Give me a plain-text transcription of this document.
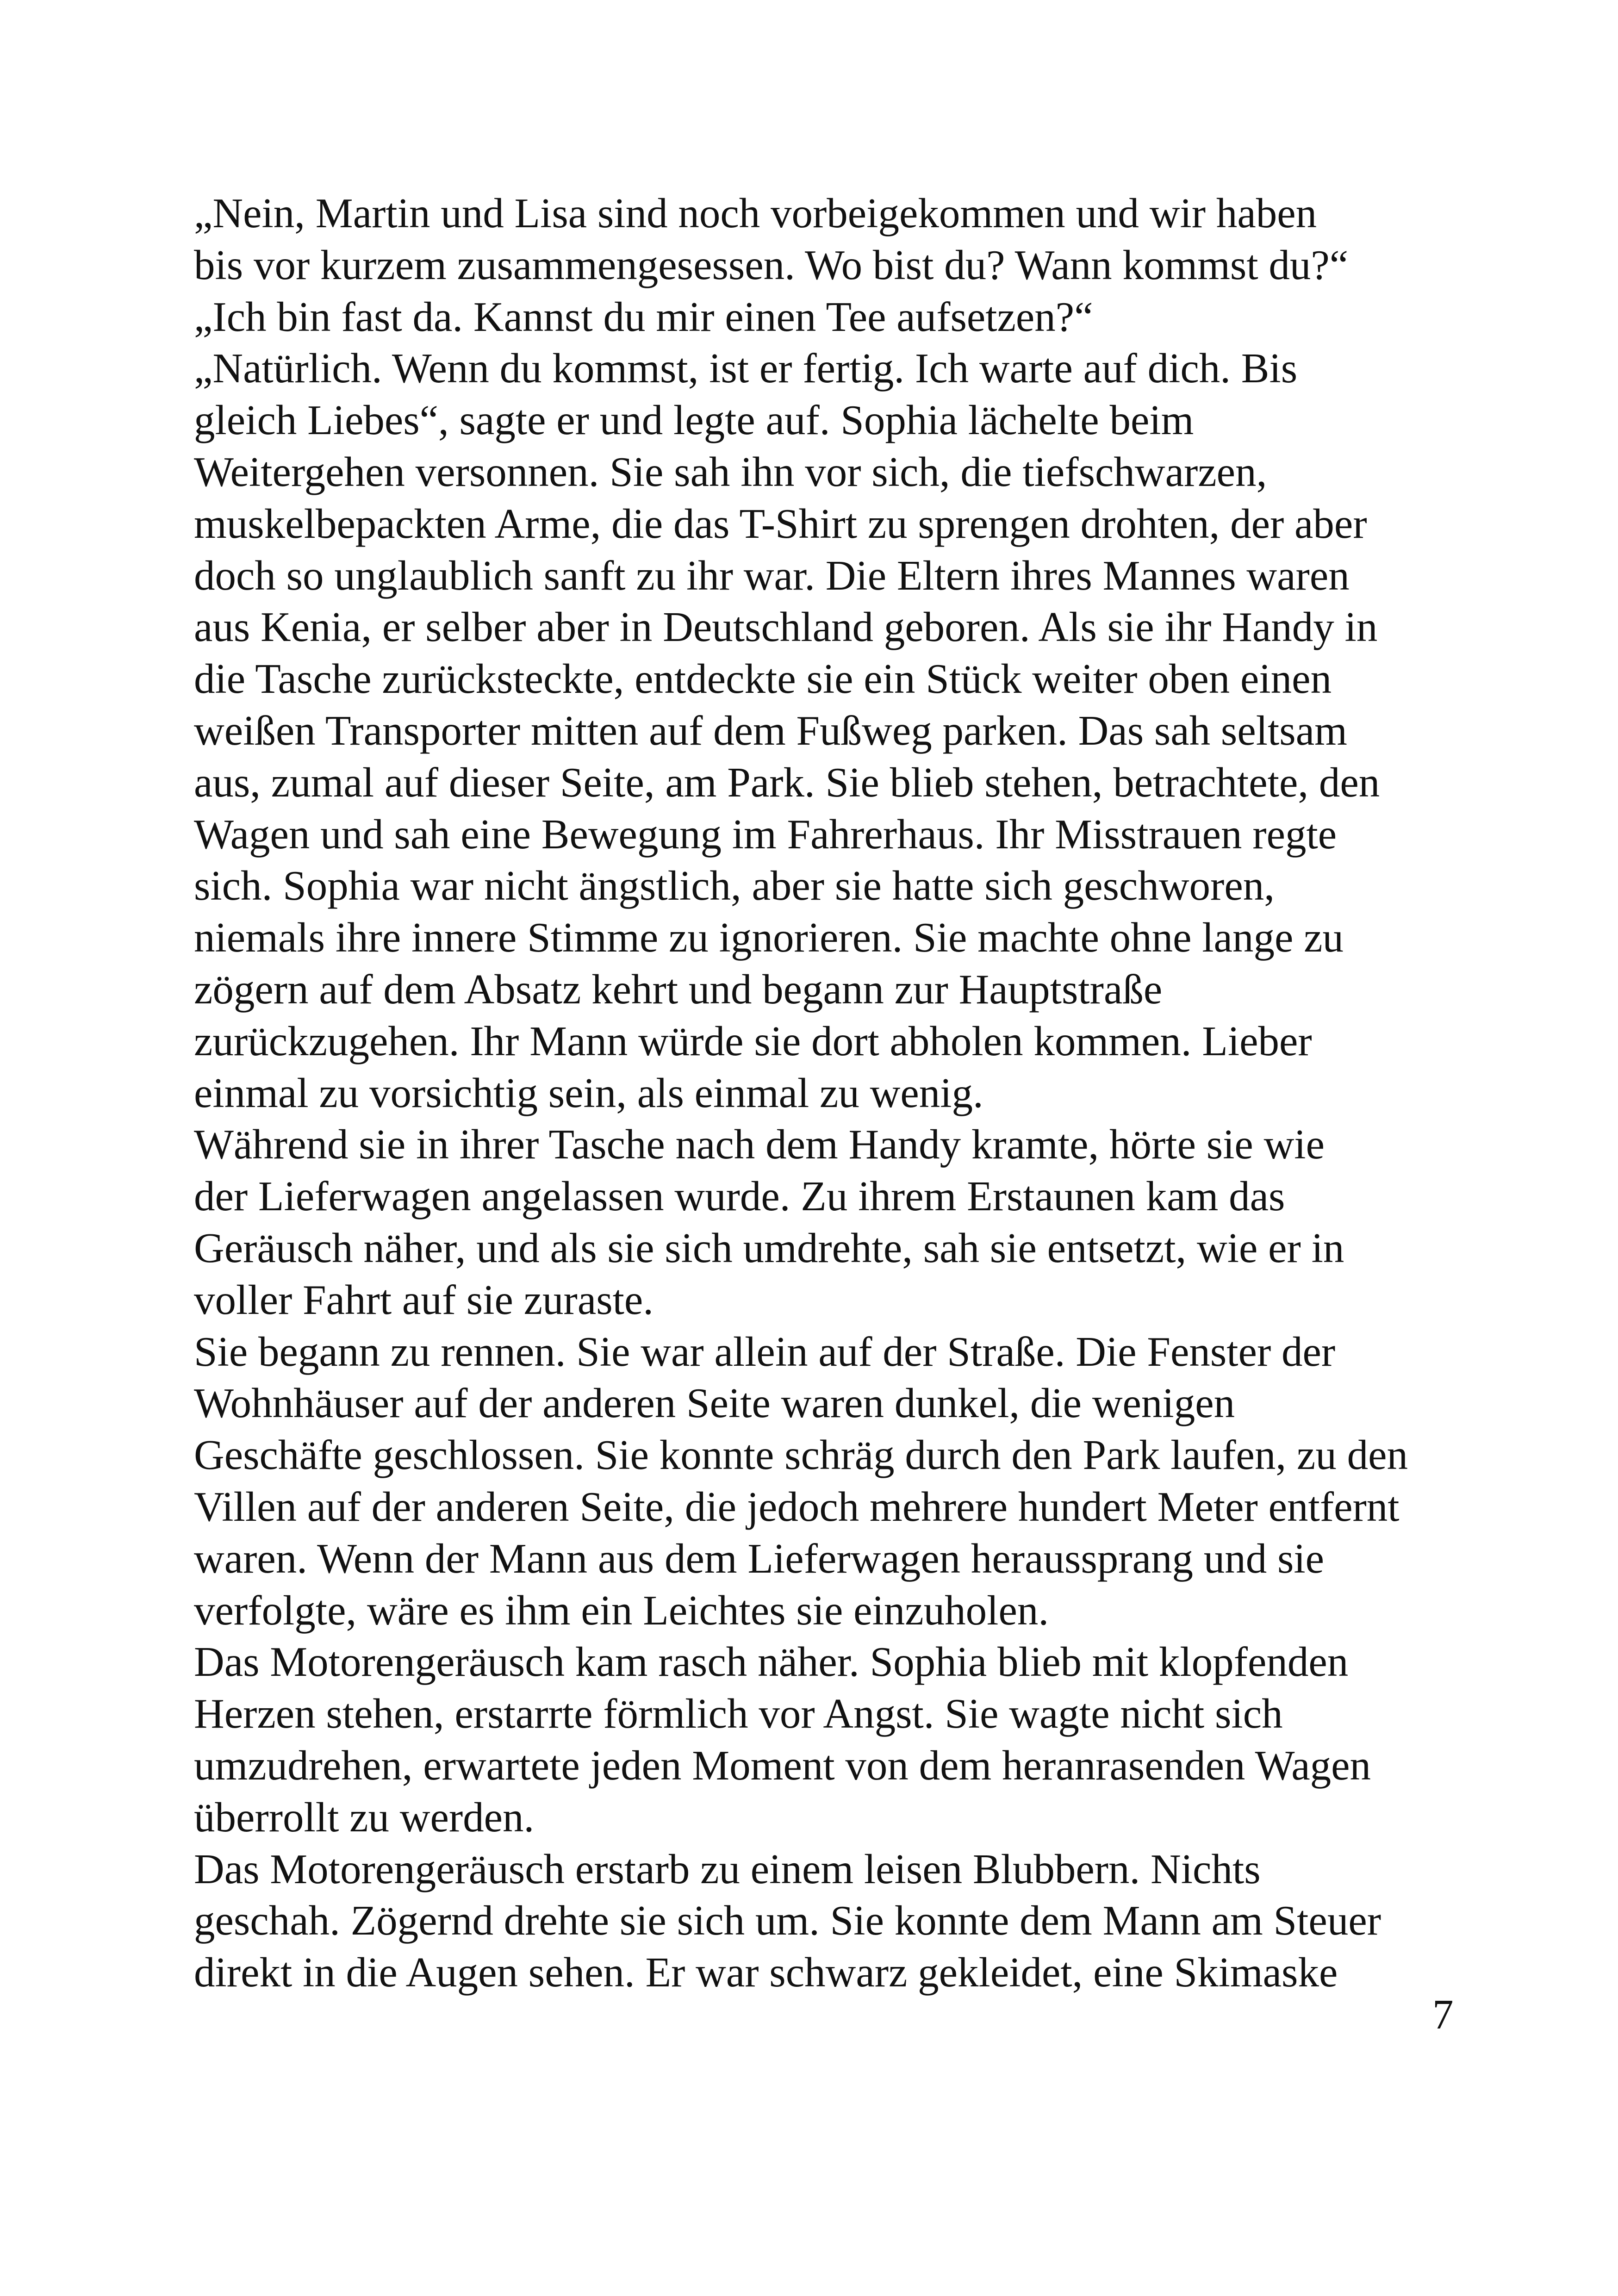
„Nein, Martin und Lisa sind noch vorbeigekommen und wir haben
bis vor kurzem zusammengesessen. Wo bist du? Wann kommst du?“

„Ich bin fast da. Kannst du mir einen Tee aufsetzen?“

„Natürlich. Wenn du kommst, ist er fertig. Ich warte auf dich. Bis
gleich Liebes“, sagte er und legte auf. Sophia lächelte beim
Weitergehen versonnen. Sie sah ihn vor sich, die tiefschwarzen,
muskelbepackten Arme, die das T-Shirt zu sprengen drohten, der aber
doch so unglaublich sanft zu ihr war. Die Eltern ihres Mannes waren
aus Kenia, er selber aber in Deutschland geboren. Als sie ihr Handy in
die Tasche zurücksteckte, entdeckte sie ein Stück weiter oben einen
weißen Transporter mitten auf dem Fußweg parken. Das sah seltsam
aus, zumal auf dieser Seite, am Park. Sie blieb stehen, betrachtete, den
Wagen und sah eine Bewegung im Fahrerhaus. Ihr Misstrauen regte
sich. Sophia war nicht ängstlich, aber sie hatte sich geschworen,
niemals ihre innere Stimme zu ignorieren. Sie machte ohne lange zu
zögern auf dem Absatz kehrt und begann zur Hauptstraße
zurückzugehen. Ihr Mann würde sie dort abholen kommen. Lieber
einmal zu vorsichtig sein, als einmal zu wenig.

Während sie in ihrer Tasche nach dem Handy kramte, hörte sie wie
der Lieferwagen angelassen wurde. Zu ihrem Erstaunen kam das
Geräusch näher, und als sie sich umdrehte, sah sie entsetzt, wie er in
voller Fahrt auf sie zuraste.

Sie begann zu rennen. Sie war allein auf der Straße. Die Fenster der
Wohnhäuser auf der anderen Seite waren dunkel, die wenigen
Geschäfte geschlossen. Sie konnte schräg durch den Park laufen, zu den
Villen auf der anderen Seite, die jedoch mehrere hundert Meter entfernt
waren. Wenn der Mann aus dem Lieferwagen heraussprang und sie
verfolgte, wäre es ihm ein Leichtes sie einzuholen.

Das Motorengeräusch kam rasch näher. Sophia blieb mit klopfenden
Herzen stehen, erstarrte förmlich vor Angst. Sie wagte nicht sich
umzudrehen, erwartete jeden Moment von dem heranrasenden Wagen
überrollt zu werden.

Das Motorengeräusch erstarb zu einem leisen Blubbern. Nichts
geschah. Zögernd drehte sie sich um. Sie konnte dem Mann am Steuer
direkt in die Augen sehen. Er war schwarz gekleidet, eine Skimaske

7
